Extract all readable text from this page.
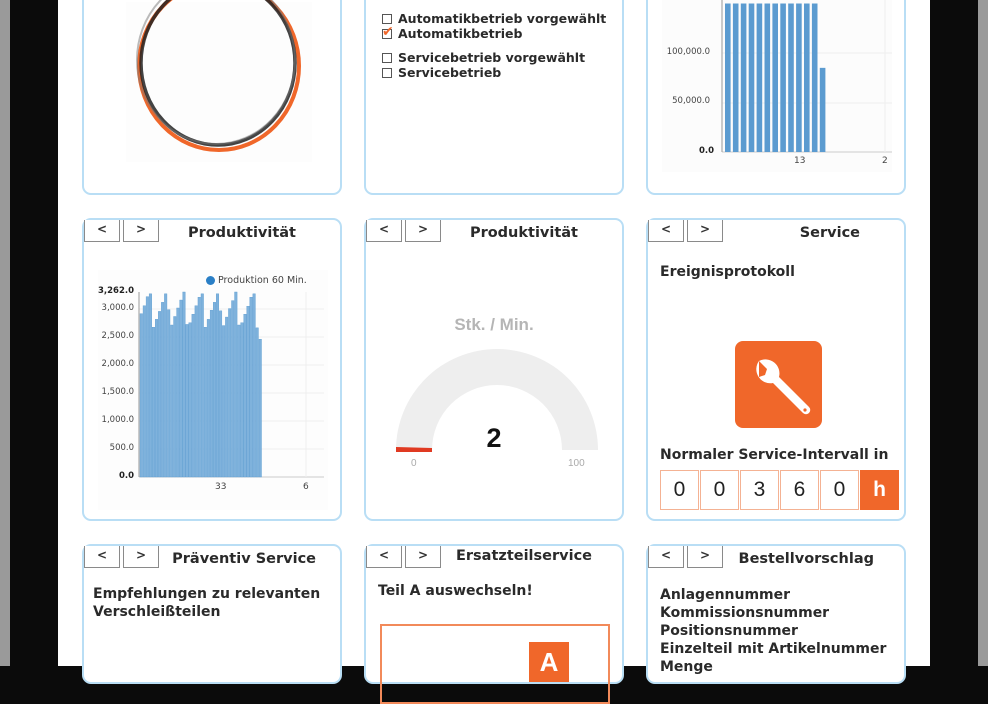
Automatikbetrieb vorgewählt
✔
Automatikbetrieb
Servicebetrieb vorgewählt
Servicebetrieb
100,000.0
50,000.0
0.0
13	2
<	>	Produktivität
Produktion 60 Min.
3,262.0
3,000.0
2,500.0
2,000.0
1,500.0
1,000.0
500.0
0.0
33	6
<	>	Produktivität
Stk. / Min.
2
0	100
<	>	Service
Ereignisprotokoll
Normaler Service-Intervall in
0	0	3	6	0	h
<	>	Präventiv Service
Empfehlungen zu relevanten
Verschleißteilen
<	>	Ersatzteilservice
Teil A auswechseln!
A
<	>	Bestellvorschlag
Anlagennummer
Kommissionsnummer
Positionsnummer
Einzelteil mit Artikelnummer
Menge
